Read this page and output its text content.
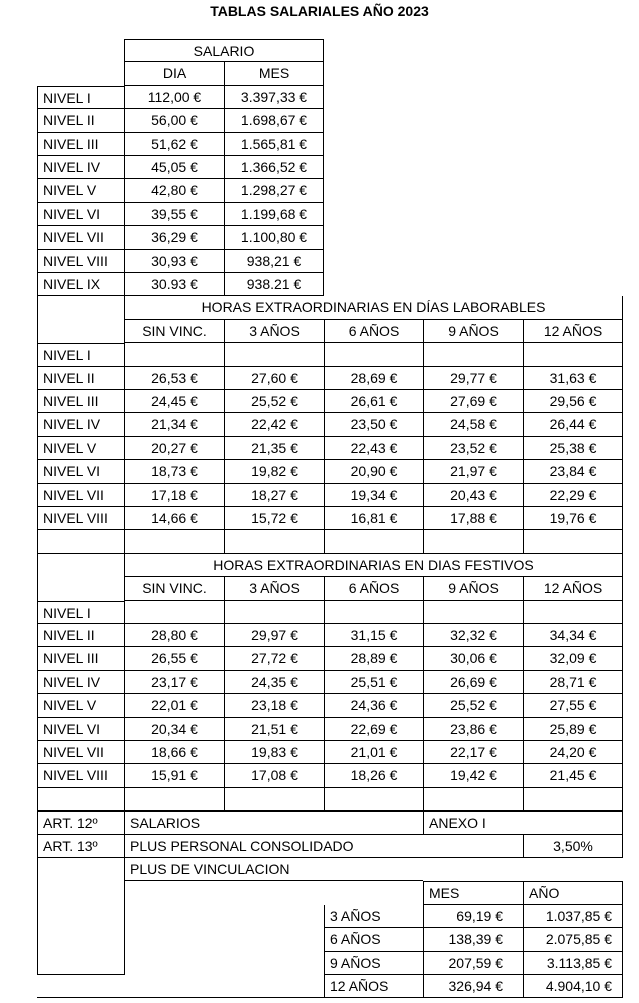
TABLAS SALARIALES AÑO 2023
SALARIO
DIA	MES
NIVEL I	112,00 €	3.397,33 €
NIVEL II	56,00 €	1.698,67 €
NIVEL III	51,62 €	1.565,81 €
NIVEL IV	45,05 €	1.366,52 €
NIVEL V	42,80 €	1.298,27 €
NIVEL VI	39,55 €	1.199,68 €
NIVEL VII	36,29 €	1.100,80 €
NIVEL VIII	30,93 €	938,21 €
NIVEL IX	30.93 €	938.21 €
HORAS EXTRAORDINARIAS EN DÍAS LABORABLES
SIN VINC.	3 AÑOS	6 AÑOS	9 AÑOS	12 AÑOS
NIVEL I
NIVEL II	26,53 €	27,60 €	28,69 €	29,77 €	31,63 €
NIVEL III	24,45 €	25,52 €	26,61 €	27,69 €	29,56 €
NIVEL IV	21,34 €	22,42 €	23,50 €	24,58 €	26,44 €
NIVEL V	20,27 €	21,35 €	22,43 €	23,52 €	25,38 €
NIVEL VI	18,73 €	19,82 €	20,90 €	21,97 €	23,84 €
NIVEL VII	17,18 €	18,27 €	19,34 €	20,43 €	22,29 €
NIVEL VIII	14,66 €	15,72 €	16,81 €	17,88 €	19,76 €
HORAS EXTRAORDINARIAS EN DIAS FESTIVOS
SIN VINC.	3 AÑOS	6 AÑOS	9 AÑOS	12 AÑOS
NIVEL I
NIVEL II	28,80 €	29,97 €	31,15 €	32,32 €	34,34 €
NIVEL III	26,55 €	27,72 €	28,89 €	30,06 €	32,09 €
NIVEL IV	23,17 €	24,35 €	25,51 €	26,69 €	28,71 €
NIVEL V	22,01 €	23,18 €	24,36 €	25,52 €	27,55 €
NIVEL VI	20,34 €	21,51 €	22,69 €	23,86 €	25,89 €
NIVEL VII	18,66 €	19,83 €	21,01 €	22,17 €	24,20 €
NIVEL VIII	15,91 €	17,08 €	18,26 €	19,42 €	21,45 €
ART. 12º	SALARIOS	ANEXO I
ART. 13º	PLUS PERSONAL CONSOLIDADO	3,50%
PLUS DE VINCULACION
MES	AÑO
3 AÑOS	69,19 €	1.037,85 €
6 AÑOS	138,39 €	2.075,85 €
9 AÑOS	207,59 €	3.113,85 €
12 AÑOS	326,94 €	4.904,10 €
